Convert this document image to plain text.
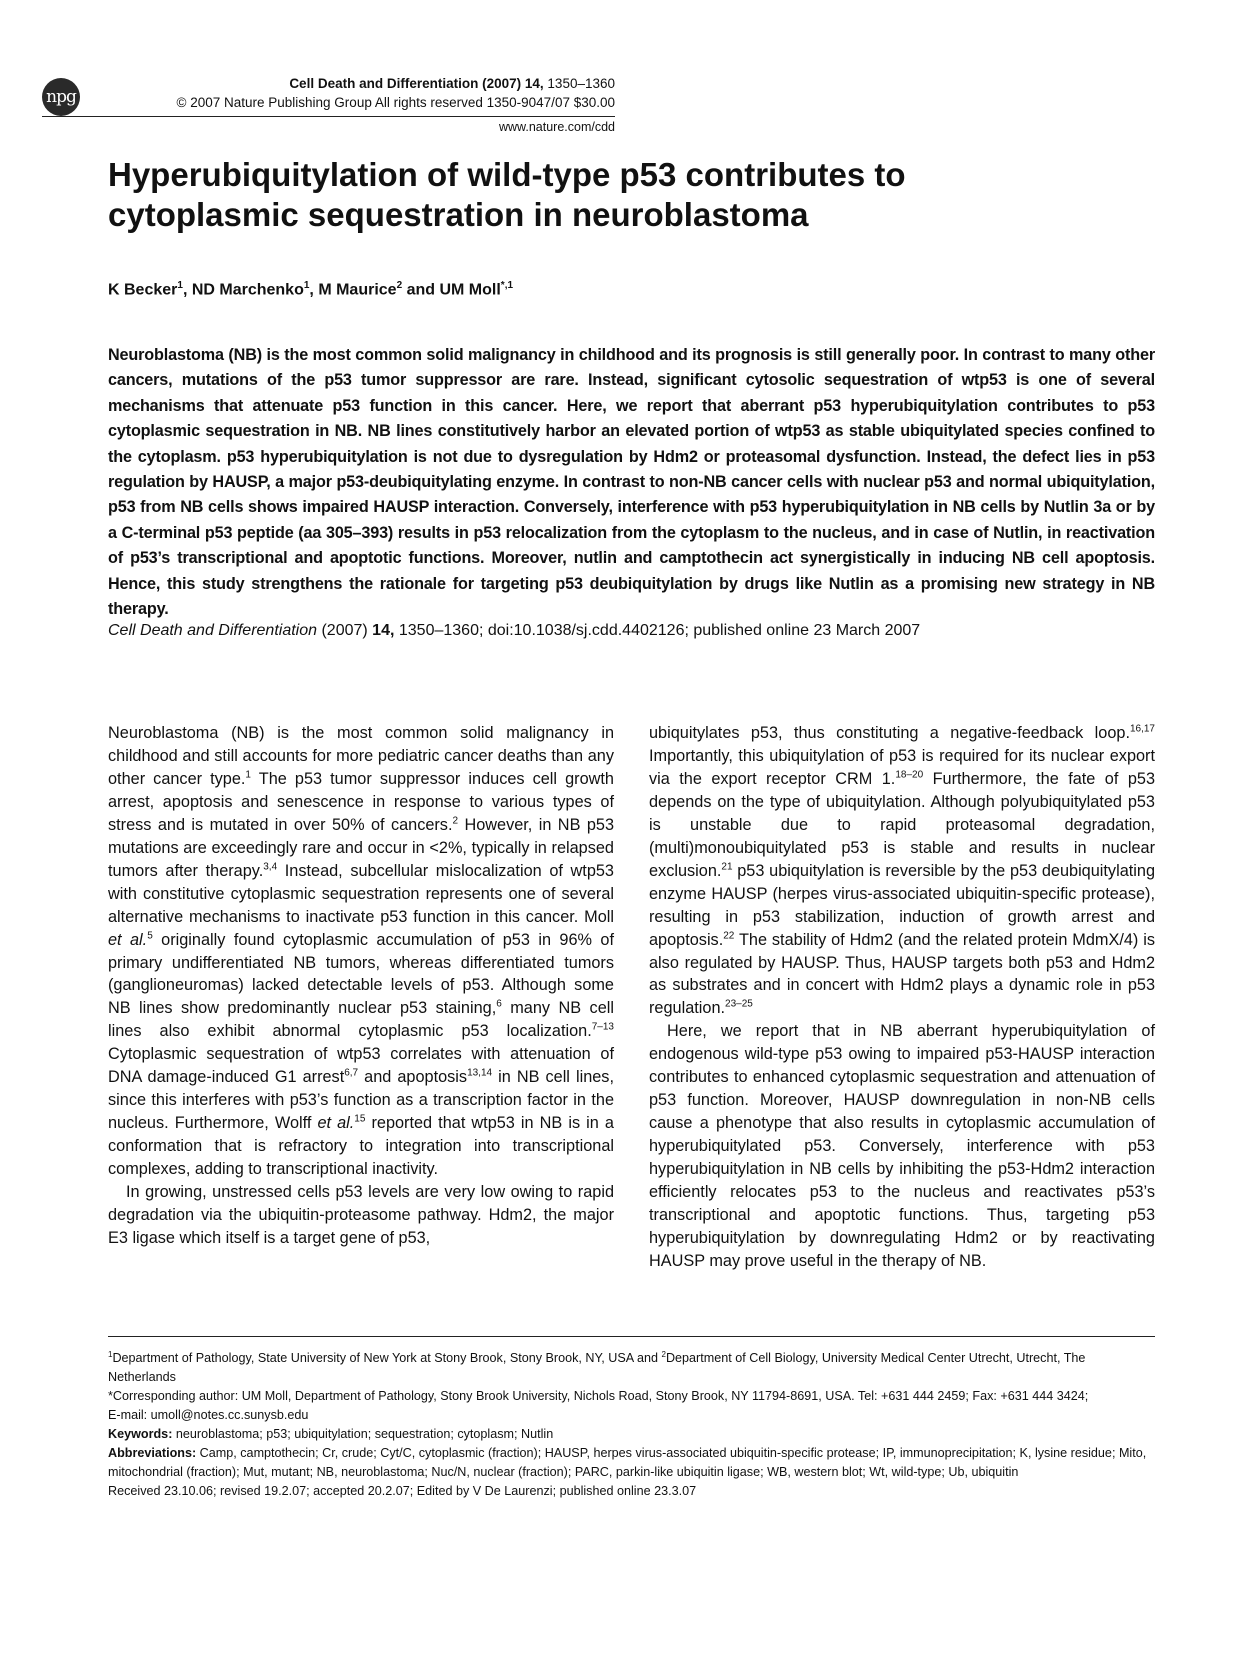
npg
Cell Death and Differentiation (2007) 14, 1350–1360
© 2007 Nature Publishing Group All rights reserved 1350-9047/07 $30.00
www.nature.com/cdd
Hyperubiquitylation of wild-type p53 contributes to cytoplasmic sequestration in neuroblastoma
K Becker$^1$, ND Marchenko$^1$, M Maurice$^2$ and UM Moll$^{*,1}$

Neuroblastoma (NB) is the most common solid malignancy in childhood and its prognosis is still generally poor. In contrast to many other cancers, mutations of the p53 tumor suppressor are rare. Instead, significant cytosolic sequestration of wtp53 is one of several mechanisms that attenuate p53 function in this cancer. Here, we report that aberrant p53 hyperubiquitylation contributes to p53 cytoplasmic sequestration in NB. NB lines constitutively harbor an elevated portion of wtp53 as stable ubiquitylated species confined to the cytoplasm. p53 hyperubiquitylation is not due to dysregulation by Hdm2 or proteasomal dysfunction. Instead, the defect lies in p53 regulation by HAUSP, a major p53-deubiquitylating enzyme. In contrast to non-NB cancer cells with nuclear p53 and normal ubiquitylation, p53 from NB cells shows impaired HAUSP interaction. Conversely, interference with p53 hyperubiquitylation in NB cells by Nutlin 3a or by a C-terminal p53 peptide (aa 305–393) results in p53 relocalization from the cytoplasm to the nucleus, and in case of Nutlin, in reactivation of p53’s transcriptional and apoptotic functions. Moreover, nutlin and camptothecin act synergistically in inducing NB cell apoptosis. Hence, this study strengthens the rationale for targeting p53 deubiquitylation by drugs like Nutlin as a promising new strategy in NB therapy.

Cell Death and Differentiation (2007) 14, 1350–1360; doi:10.1038/sj.cdd.4402126; published online 23 March 2007

Neuroblastoma (NB) is the most common solid malignancy in childhood and still accounts for more pediatric cancer deaths than any other cancer type.$^1$ The p53 tumor suppressor induces cell growth arrest, apoptosis and senescence in response to various types of stress and is mutated in over 50% of cancers.$^2$ However, in NB p53 mutations are exceedingly rare and occur in <2%, typically in relapsed tumors after therapy.$^{3,4}$ Instead, subcellular mislocalization of wtp53 with constitutive cytoplasmic sequestration represents one of several alternative mechanisms to inactivate p53 function in this cancer. Moll et al.$^5$ originally found cytoplasmic accumulation of p53 in 96% of primary undifferentiated NB tumors, whereas differentiated tumors (ganglioneuromas) lacked detectable levels of p53. Although some NB lines show predominantly nuclear p53 staining,$^6$ many NB cell lines also exhibit abnormal cytoplasmic p53 localization.$^{7-13}$ Cytoplasmic sequestration of wtp53 correlates with attenuation of DNA damage-induced G1 arrest$^{6,7}$ and apoptosis$^{13,14}$ in NB cell lines, since this interferes with p53’s function as a transcription factor in the nucleus. Furthermore, Wolff et al.$^{15}$ reported that wtp53 in NB is in a conformation that is refractory to integration into transcriptional complexes, adding to transcriptional inactivity.

In growing, unstressed cells p53 levels are very low owing to rapid degradation via the ubiquitin-proteasome pathway. Hdm2, the major E3 ligase which itself is a target gene of p53,

ubiquitylates p53, thus constituting a negative-feedback loop.$^{16,17}$ Importantly, this ubiquitylation of p53 is required for its nuclear export via the export receptor CRM 1.$^{18-20}$ Furthermore, the fate of p53 depends on the type of ubiquitylation. Although polyubiquitylated p53 is unstable due to rapid proteasomal degradation, (multi)monoubiquitylated p53 is stable and results in nuclear exclusion.$^{21}$ p53 ubiquitylation is reversible by the p53 deubiquitylating enzyme HAUSP (herpes virus-associated ubiquitin-specific protease), resulting in p53 stabilization, induction of growth arrest and apoptosis.$^{22}$ The stability of Hdm2 (and the related protein MdmX/4) is also regulated by HAUSP. Thus, HAUSP targets both p53 and Hdm2 as substrates and in concert with Hdm2 plays a dynamic role in p53 regulation.$^{23-25}$

Here, we report that in NB aberrant hyperubiquitylation of endogenous wild-type p53 owing to impaired p53-HAUSP interaction contributes to enhanced cytoplasmic sequestration and attenuation of p53 function. Moreover, HAUSP downregulation in non-NB cells cause a phenotype that also results in cytoplasmic accumulation of hyperubiquitylated p53. Conversely, interference with p53 hyperubiquitylation in NB cells by inhibiting the p53-Hdm2 interaction efficiently relocates p53 to the nucleus and reactivates p53’s transcriptional and apoptotic functions. Thus, targeting p53 hyperubiquitylation by downregulating Hdm2 or by reactivating HAUSP may prove useful in the therapy of NB.

$^1$Department of Pathology, State University of New York at Stony Brook, Stony Brook, NY, USA and $^2$Department of Cell Biology, University Medical Center Utrecht, Utrecht, The Netherlands

*Corresponding author: UM Moll, Department of Pathology, Stony Brook University, Nichols Road, Stony Brook, NY 11794-8691, USA. Tel: +631 444 2459; Fax: +631 444 3424;

E-mail: umoll@notes.cc.sunysb.edu

Keywords: neuroblastoma; p53; ubiquitylation; sequestration; cytoplasm; Nutlin

Abbreviations: Camp, camptothecin; Cr, crude; Cyt/C, cytoplasmic (fraction); HAUSP, herpes virus-associated ubiquitin-specific protease; IP, immunoprecipitation; K, lysine residue; Mito, mitochondrial (fraction); Mut, mutant; NB, neuroblastoma; Nuc/N, nuclear (fraction); PARC, parkin-like ubiquitin ligase; WB, western blot; Wt, wild-type; Ub, ubiquitin

Received 23.10.06; revised 19.2.07; accepted 20.2.07; Edited by V De Laurenzi; published online 23.3.07
